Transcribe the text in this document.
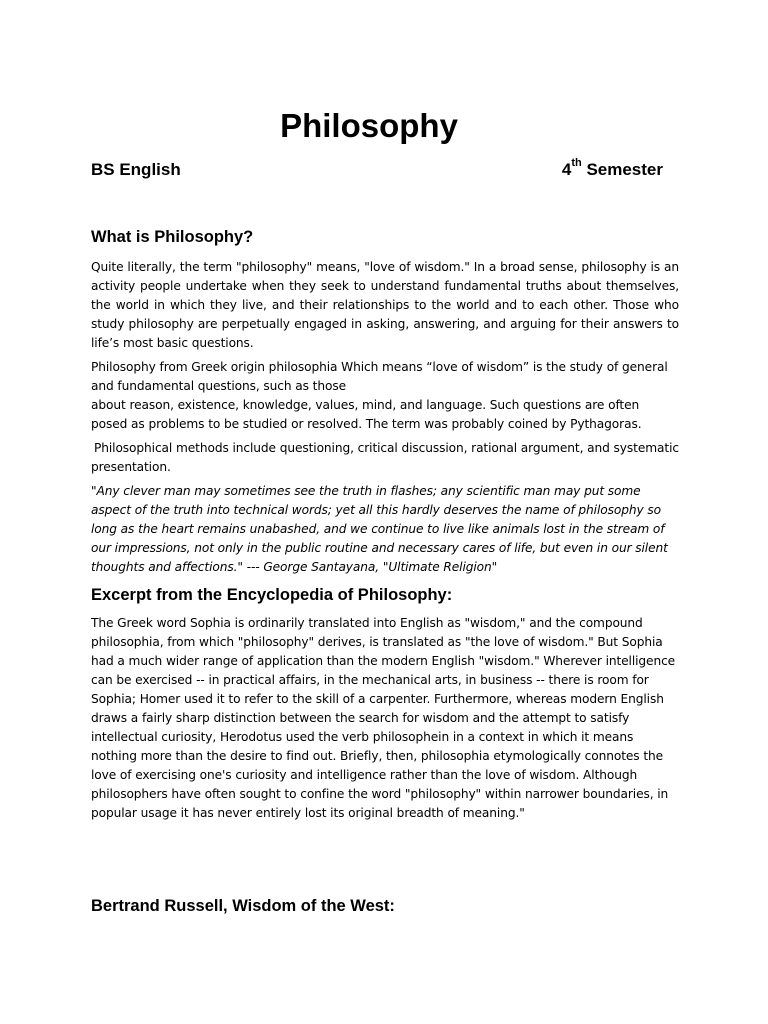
Philosophy
BS English	4th Semester
What is Philosophy?

Quite literally, the term "philosophy" means, "love of wisdom." In a broad sense, philosophy is an activity people undertake when they seek to understand fundamental truths about themselves, the world in which they live, and their relationships to the world and to each other. Those who study philosophy are perpetually engaged in asking, answering, and arguing for their answers to life’s most basic questions.

Philosophy from Greek origin philosophia Which means “love of wisdom” is the study of general and fundamental questions, such as those
about reason, existence, knowledge, values, mind, and language. Such questions are often posed as problems to be studied or resolved. The term was probably coined by Pythagoras.

Philosophical methods include questioning, critical discussion, rational argument, and systematic presentation.

"Any clever man may sometimes see the truth in flashes; any scientific man may put some aspect of the truth into technical words; yet all this hardly deserves the name of philosophy so long as the heart remains unabashed, and we continue to live like animals lost in the stream of our impressions, not only in the public routine and necessary cares of life, but even in our silent thoughts and affections." --- George Santayana, "Ultimate Religion"

Excerpt from the Encyclopedia of Philosophy:

The Greek word Sophia is ordinarily translated into English as "wisdom," and the compound philosophia, from which "philosophy" derives, is translated as "the love of wisdom." But Sophia had a much wider range of application than the modern English "wisdom." Wherever intelligence can be exercised -- in practical affairs, in the mechanical arts, in business -- there is room for Sophia; Homer used it to refer to the skill of a carpenter. Furthermore, whereas modern English draws a fairly sharp distinction between the search for wisdom and the attempt to satisfy intellectual curiosity, Herodotus used the verb philosophein in a context in which it means nothing more than the desire to find out. Briefly, then, philosophia etymologically connotes the love of exercising one's curiosity and intelligence rather than the love of wisdom. Although philosophers have often sought to confine the word "philosophy" within narrower boundaries, in popular usage it has never entirely lost its original breadth of meaning."

Bertrand Russell, Wisdom of the West:
